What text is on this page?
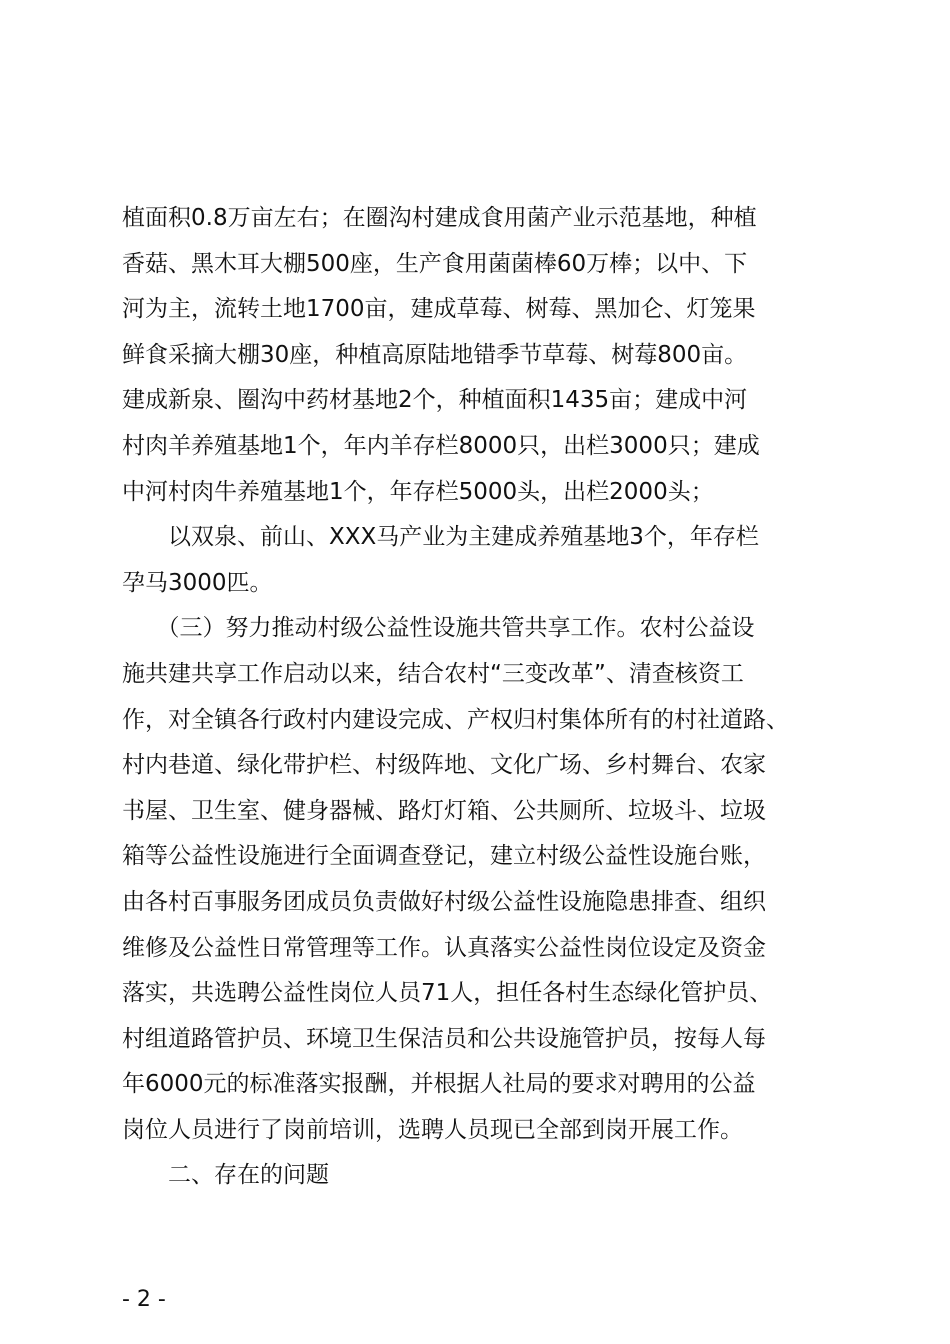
植面积0.8万亩左右；在圈沟村建成食用菌产业示范基地，种植
香菇、黑木耳大棚500座，生产食用菌菌棒60万棒；以中、下
河为主，流转土地1700亩，建成草莓、树莓、黑加仑、灯笼果
鲜食采摘大棚30座，种植高原陆地错季节草莓、树莓800亩。
建成新泉、圈沟中药材基地2个，种植面积1435亩；建成中河
村肉羊养殖基地1个，年内羊存栏8000只，出栏3000只；建成
中河村肉牛养殖基地1个，年存栏5000头，出栏2000头；
　　以双泉、前山、XXX马产业为主建成养殖基地3个，年存栏
孕马3000匹。
　　（三）努力推动村级公益性设施共管共享工作。农村公益设
施共建共享工作启动以来，结合农村“三变改革”、清查核资工
作，对全镇各行政村内建设完成、产权归村集体所有的村社道路、
村内巷道、绿化带护栏、村级阵地、文化广场、乡村舞台、农家
书屋、卫生室、健身器械、路灯灯箱、公共厕所、垃圾斗、垃圾
箱等公益性设施进行全面调查登记，建立村级公益性设施台账，
由各村百事服务团成员负责做好村级公益性设施隐患排查、组织
维修及公益性日常管理等工作。认真落实公益性岗位设定及资金
落实，共选聘公益性岗位人员71人，担任各村生态绿化管护员、
村组道路管护员、环境卫生保洁员和公共设施管护员，按每人每
年6000元的标准落实报酬，并根据人社局的要求对聘用的公益
岗位人员进行了岗前培训，选聘人员现已全部到岗开展工作。
　　二、存在的问题
- 2 -
